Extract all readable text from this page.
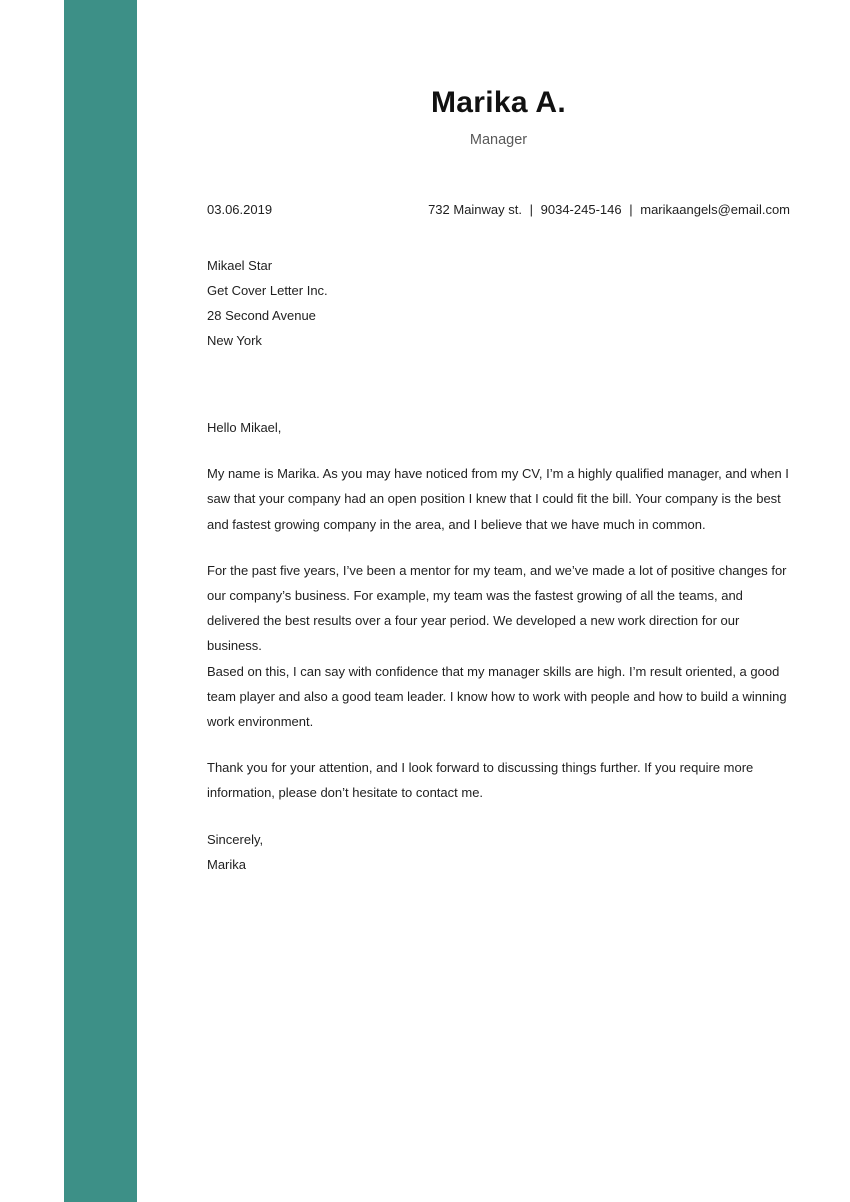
Marika A.
Manager
03.06.2019	732 Mainway st. | 9034-245-146 | marikaangels@email.com
Mikael Star
Get Cover Letter Inc.
28 Second Avenue
New York
Hello Mikael,
My name is Marika. As you may have noticed from my CV, I’m a highly qualified manager, and when I saw that your company had an open position I knew that I could fit the bill. Your company is the best and fastest growing company in the area, and I believe that we have much in common.
For the past five years, I’ve been a mentor for my team, and we’ve made a lot of positive changes for our company’s business. For example, my team was the fastest growing of all the teams, and delivered the best results over a four year period. We developed a new work direction for our business.
Based on this, I can say with confidence that my manager skills are high. I’m result oriented, a good team player and also a good team leader. I know how to work with people and how to build a winning work environment.
Thank you for your attention, and I look forward to discussing things further. If you require more information, please don’t hesitate to contact me.
Sincerely,
Marika
